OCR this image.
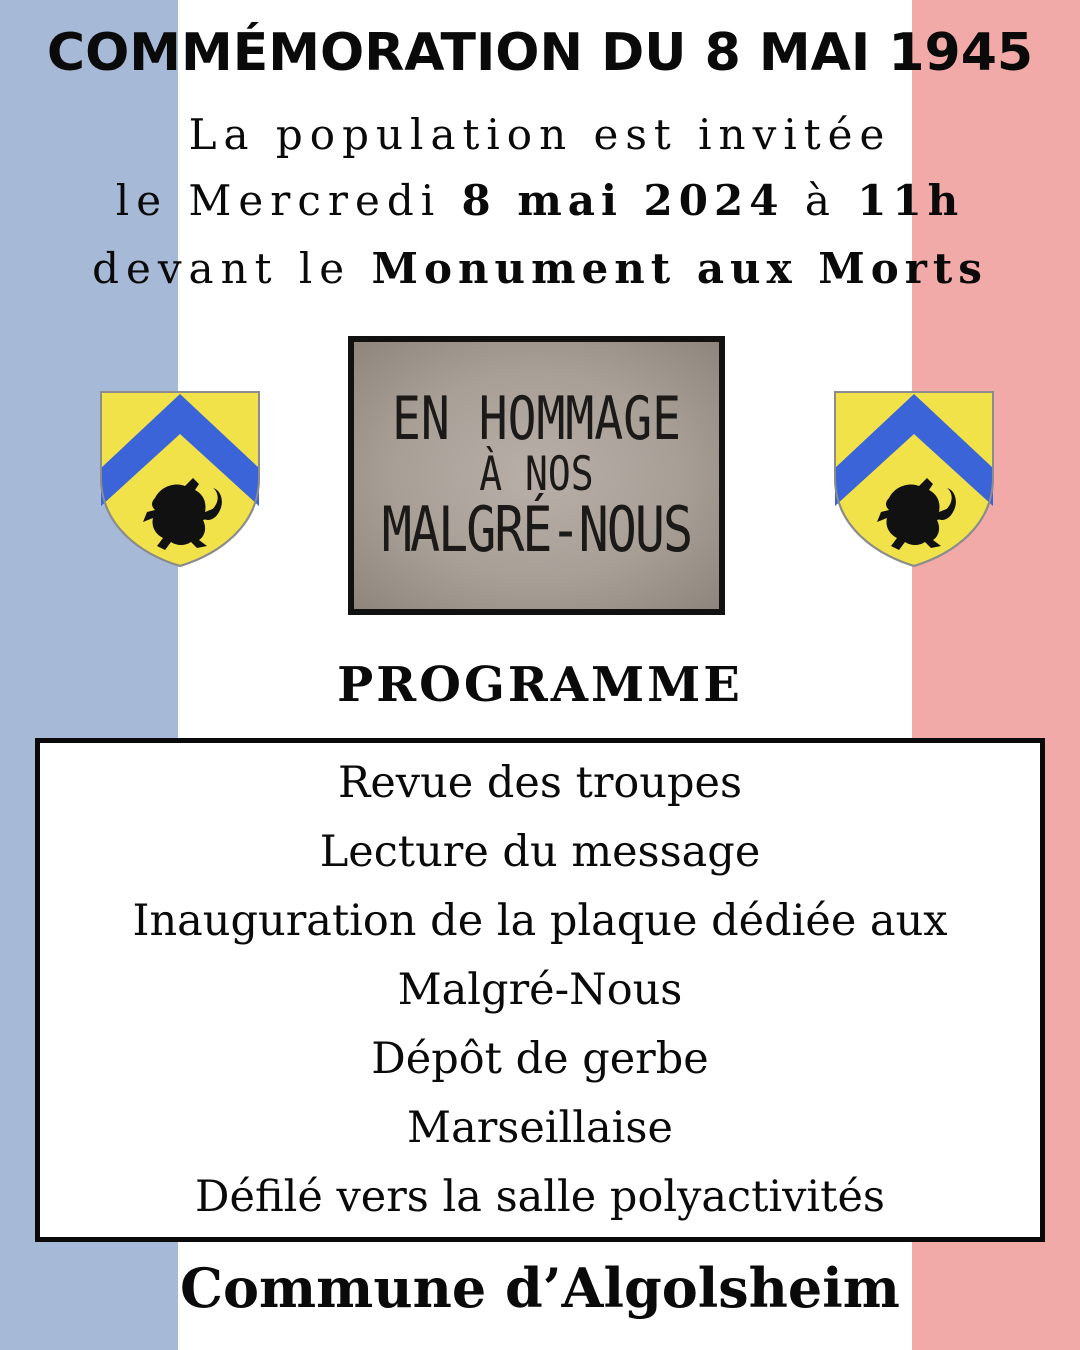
COMMÉMORATION DU 8 MAI 1945

La population est invitée

le Mercredi 8 mai 2024 à 11h

devant le Monument aux Morts

EN HOMMAGE
À NOS
MALGRÉ-NOUS
PROGRAMME
Revue des troupes
Lecture du message
Inauguration de la plaque dédiée aux
Malgré-Nous
Dépôt de gerbe
Marseillaise
Défilé vers la salle polyactivités

Commune d’Algolsheim
